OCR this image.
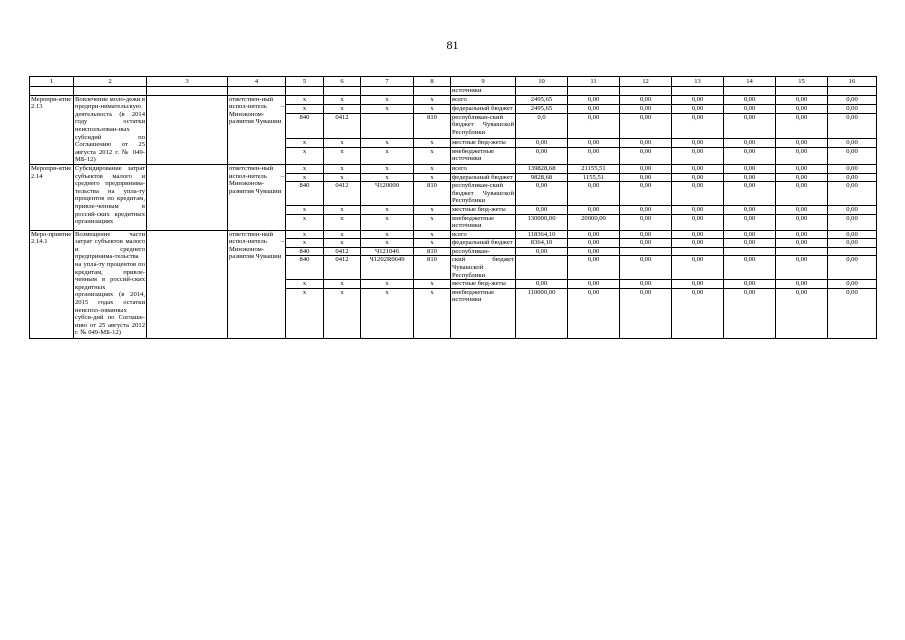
81
1	2	3	4	5	6	7	8	9	10	11	12	13	14	15	16
								источники							
Меропри-ятие 2.13	Вовлечение моло-дежи в предпри-нимательскую деятельность (в 2014 году остатки неиспользован-ных субсидий по Соглашению от 25 августа 2012 г. № 049-МБ-12)		ответствен-ный испол-нитель – Минэконом-развития Чувашии	x	x	x	x	всего	2495,65	0,00	0,00	0,00	0,00	0,00	0,00
				x	x	x	x	федеральный бюджет	2495,65	0,00	0,00	0,00	0,00	0,00	0,00
				840	0412		810	республикан-ский бюджет Чувашской Республики	0,0	0,00	0,00	0,00	0,00	0,00	0,00
				x	x	x	x	местные бюд-жеты	0,00	0,00	0,00	0,00	0,00	0,00	0,00
				x	x	x	x	внебюджетные источники	0,00	0,00	0,00	0,00	0,00	0,00	0,00
Меропри-ятие 2.14	Субсидирование затрат субъектов малого и среднего предпринима-тельства на упла-ту процентов по кредитам, привле-ченным в россий-ских кредитных организациях		ответствен-ный испол-нитель – Минэконом-развития Чувашии	x	x	x	x	всего	139828,68	21155,51	0,00	0,00	0,00	0,00	0,00
				x	x	x	x	федеральный бюджет	9828,68	1155,51	0,00	0,00	0,00	0,00	0,00
				840	0412	Ч120000	810	республикан-ский бюджет Чувашской Республики	0,00	0,00	0,00	0,00	0,00	0,00	0,00
				x	x	x	x	местные бюд-жеты	0,00	0,00	0,00	0,00	0,00	0,00	0,00
				x	x	x	x	внебюджетные источники	130000,00	20000,00	0,00	0,00	0,00	0,00	0,00
Меро-приятие 2.14.1	Возмещение части затрат субъектов малого и среднего предпринима-тельства на упла-ту процентов по кредитам, привле-ченным в россий-ских кредитных организациях (в 2014, 2015 годах остатки неиспол-зованных субси-дий по Соглаше-нию от 25 августа 2012 г. № 049-МБ-12)		ответствен-ный испол-нитель – Минэконом-развития Чувашии	x	x	x	x	всего	118364,10	0,00	0,00	0,00	0,00	0,00	0,00
				x	x	x	x	федеральный бюджет	8364,10	0,00	0,00	0,00	0,00	0,00	0,00
				840	0412	Ч121046	810	республикан-	0,00	0,00					
				840	0412	Ч1202R0649	810	ский бюджет Чувашской Республики		0,00	0,00	0,00	0,00	0,00	0,00
				x	x	x	x	местные бюд-жеты	0,00	0,00	0,00	0,00	0,00	0,00	0,00
				x	x	x	x	внебюджетные источники	110000,00	0,00	0,00	0,00	0,00	0,00	0,00
